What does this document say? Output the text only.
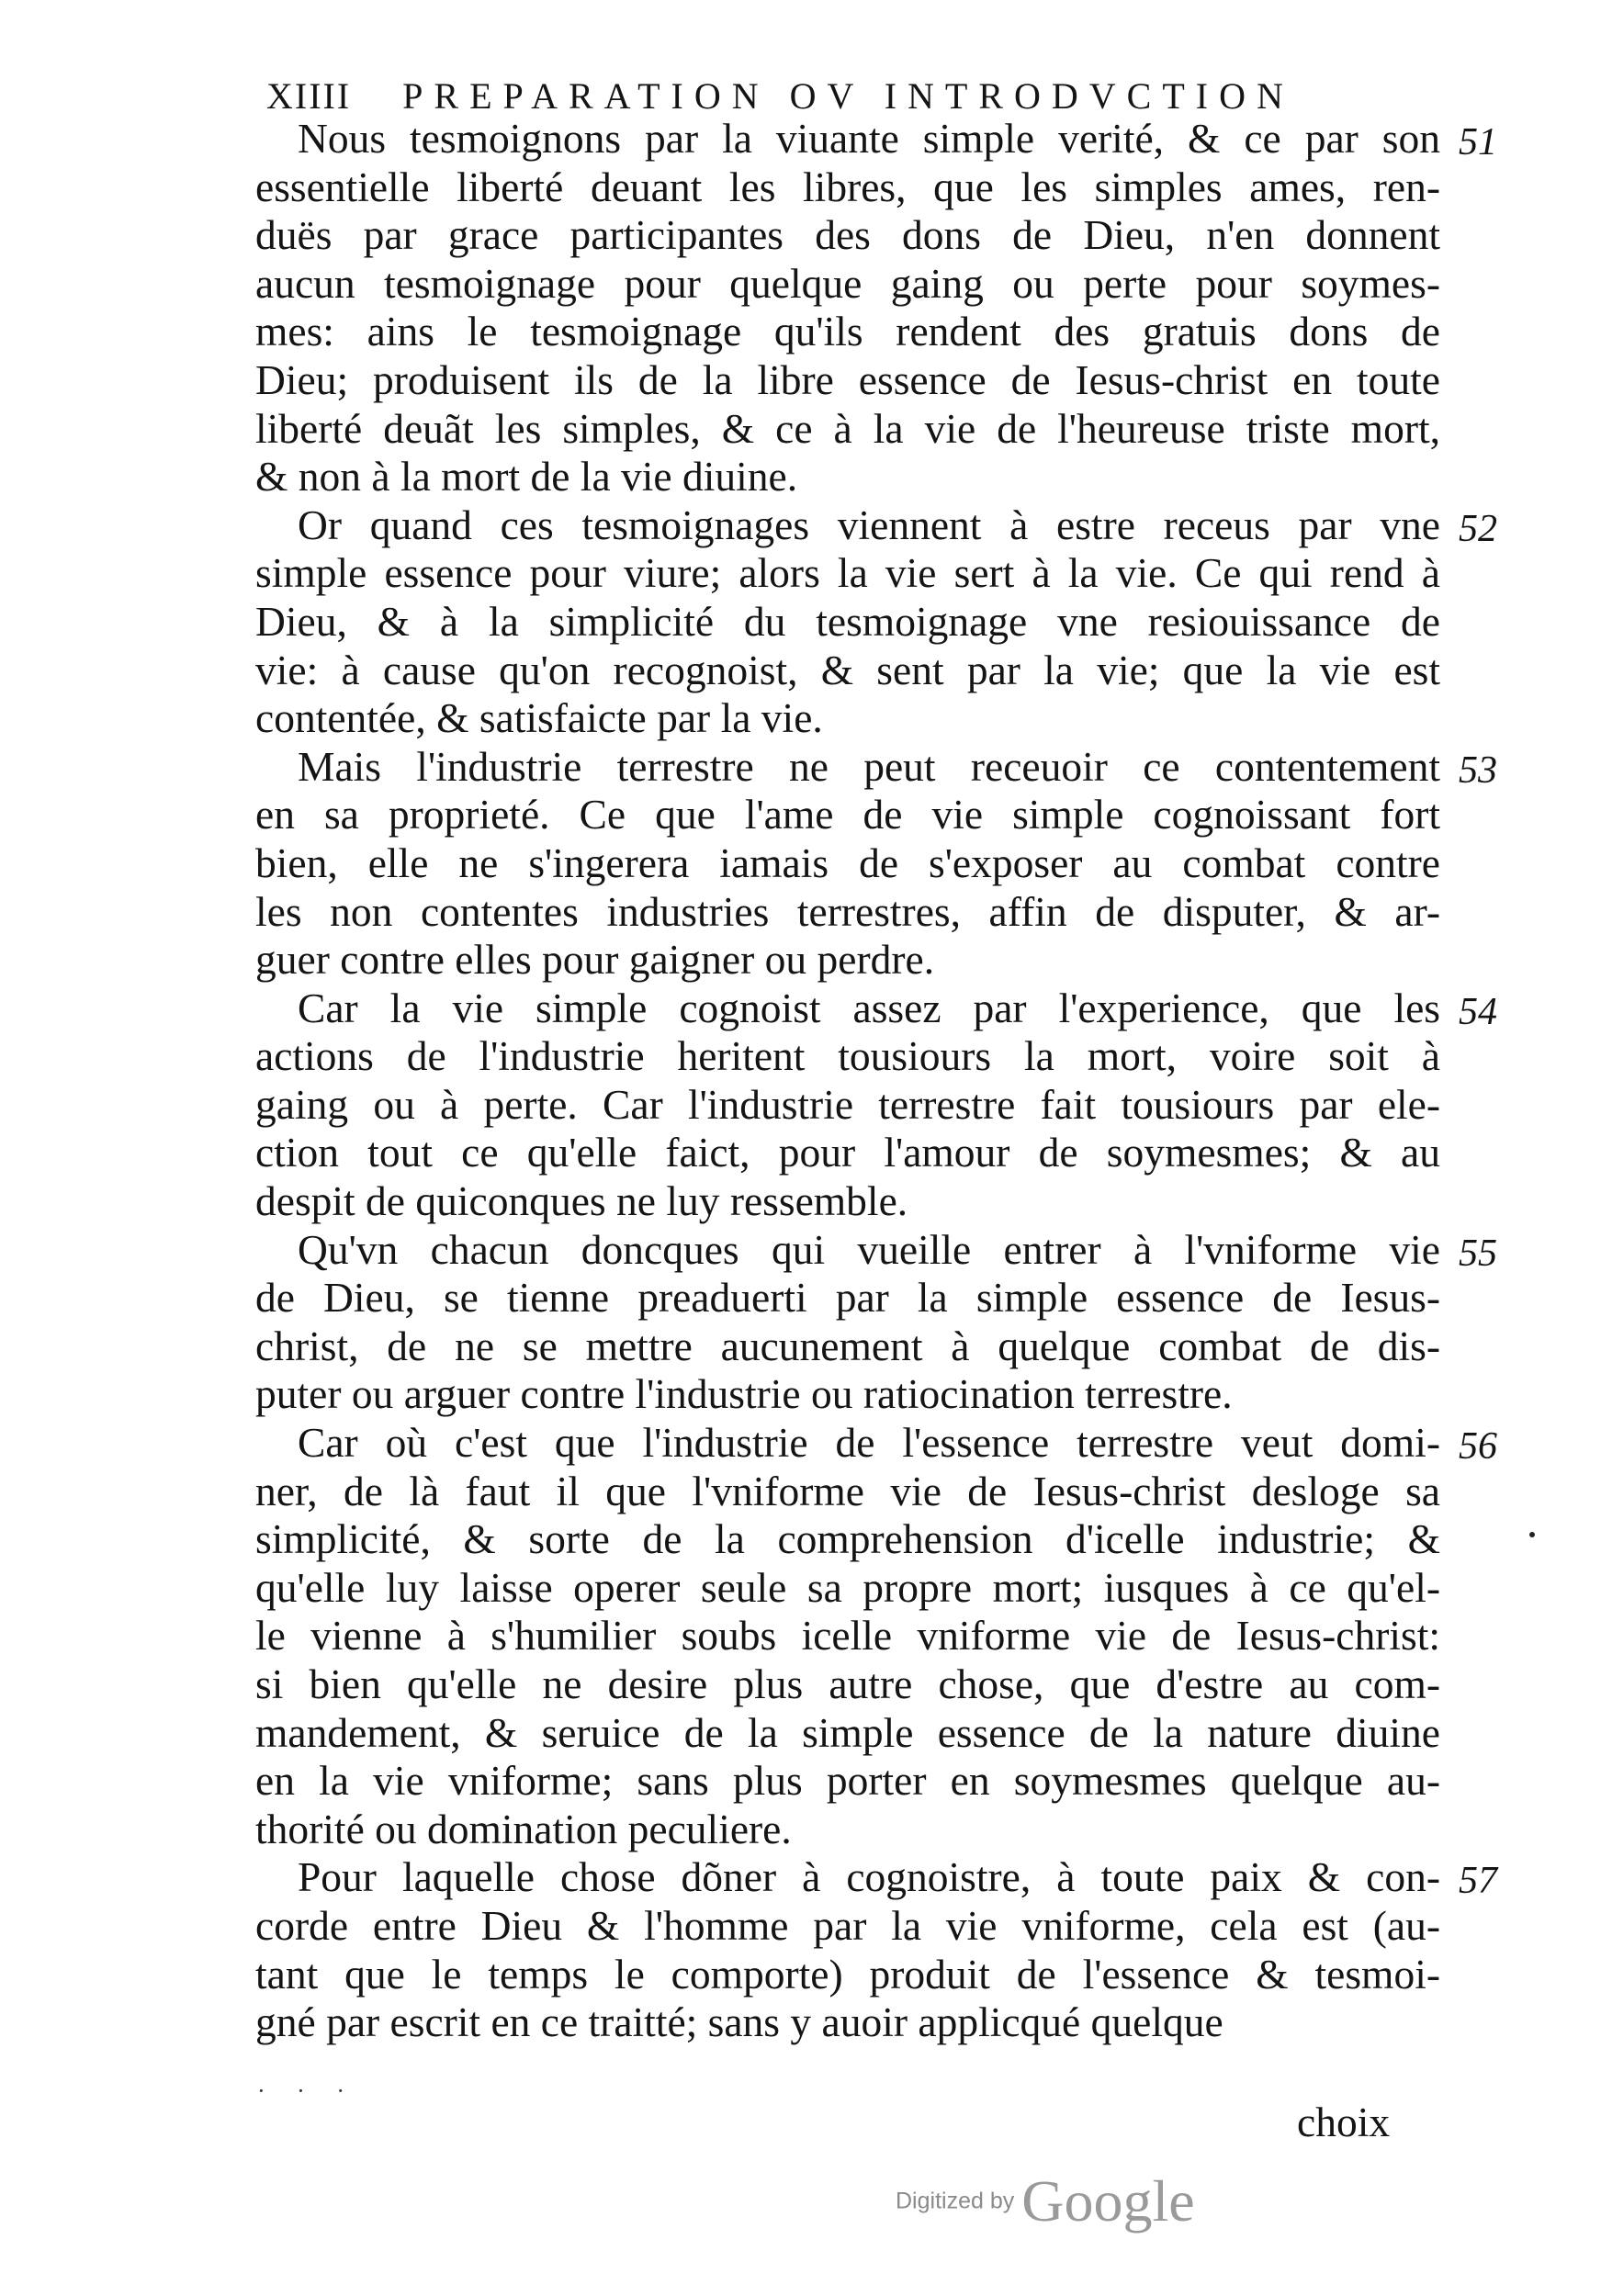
XIIII PREPARATION OV INTRODVCTION
51
Nous tesmoignons par la viuante simple verité, & ce par son
essentielle liberté deuant les libres, que les simples ames, ren-
duës par grace participantes des dons de Dieu, n'en donnent
aucun tesmoignage pour quelque gaing ou perte pour soymes-
mes: ains le tesmoignage qu'ils rendent des gratuis dons de
Dieu; produisent ils de la libre essence de Iesus-christ en toute
liberté deuãt les simples, & ce à la vie de l'heureuse triste mort,
& non à la mort de la vie diuine.
52
Or quand ces tesmoignages viennent à estre receus par vne
simple essence pour viure; alors la vie sert à la vie. Ce qui rend à
Dieu, & à la simplicité du tesmoignage vne resiouissance de
vie: à cause qu'on recognoist, & sent par la vie; que la vie est
contentée, & satisfaicte par la vie.
53
Mais l'industrie terrestre ne peut receuoir ce contentement
en sa proprieté. Ce que l'ame de vie simple cognoissant fort
bien, elle ne s'ingerera iamais de s'exposer au combat contre
les non contentes industries terrestres, affin de disputer, & ar-
guer contre elles pour gaigner ou perdre.
54
Car la vie simple cognoist assez par l'experience, que les
actions de l'industrie heritent tousiours la mort, voire soit à
gaing ou à perte. Car l'industrie terrestre fait tousiours par ele-
ction tout ce qu'elle faict, pour l'amour de soymesmes; & au
despit de quiconques ne luy ressemble.
55
Qu'vn chacun doncques qui vueille entrer à l'vniforme vie
de Dieu, se tienne preaduerti par la simple essence de Iesus-
christ, de ne se mettre aucunement à quelque combat de dis-
puter ou arguer contre l'industrie ou ratiocination terrestre.
56
Car où c'est que l'industrie de l'essence terrestre veut domi-
ner, de là faut il que l'vniforme vie de Iesus-christ desloge sa
simplicité, & sorte de la comprehension d'icelle industrie; &
qu'elle luy laisse operer seule sa propre mort; iusques à ce qu'el-
le vienne à s'humilier soubs icelle vniforme vie de Iesus-christ:
si bien qu'elle ne desire plus autre chose, que d'estre au com-
mandement, & seruice de la simple essence de la nature diuine
en la vie vniforme; sans plus porter en soymesmes quelque au-
thorité ou domination peculiere.
57
Pour laquelle chose dõner à cognoistre, à toute paix & con-
corde entre Dieu & l'homme par la vie vniforme, cela est (au-
tant que le temps le comporte) produit de l'essence & tesmoi-
gné par escrit en ce traitté; sans y auoir applicqué quelque
· · ·
choix
Digitized by Google
